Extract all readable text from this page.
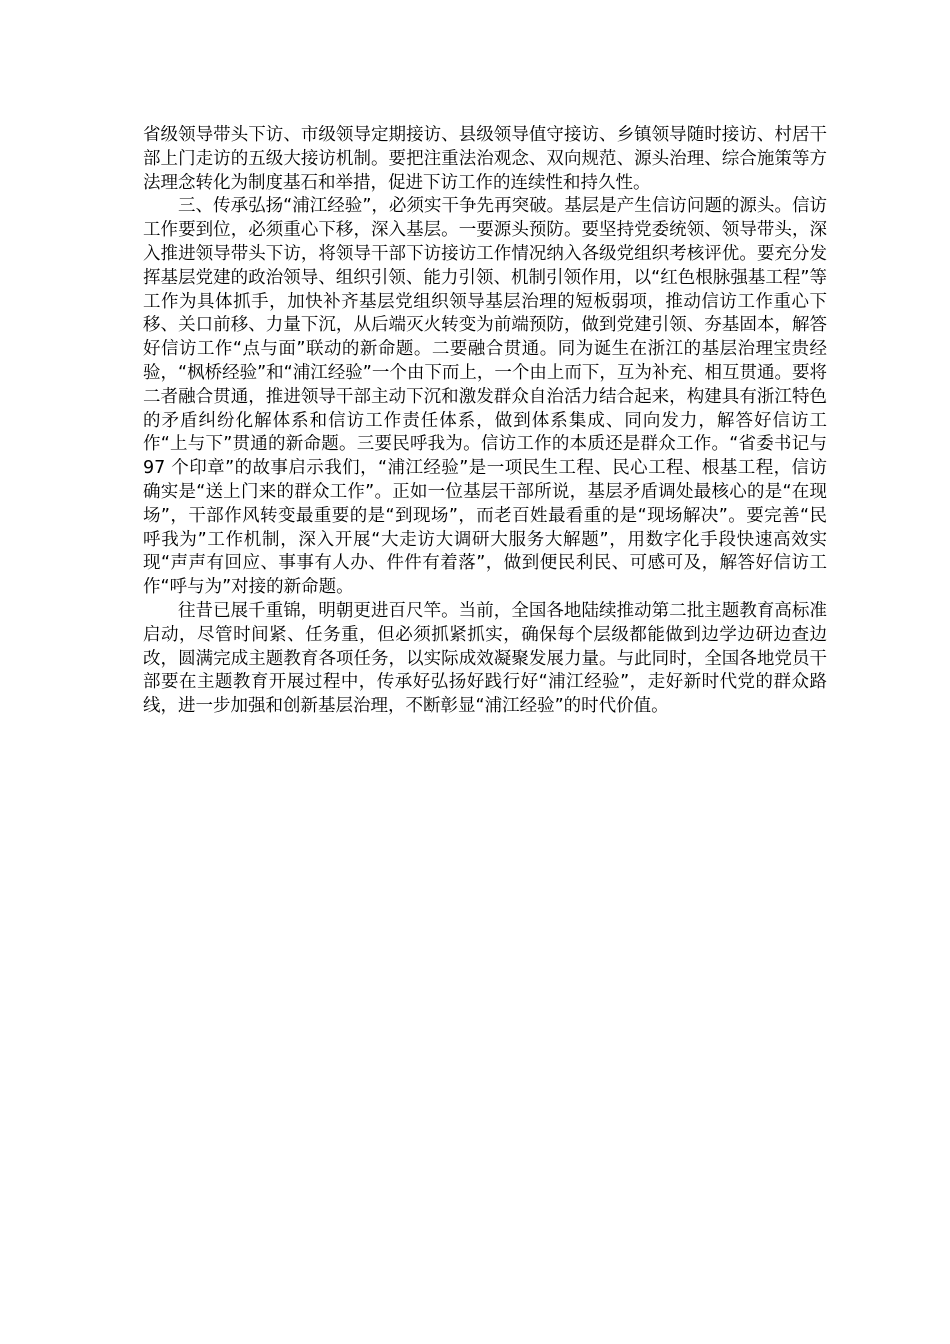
省级领导带头下访、市级领导定期接访、县级领导值守接访、乡镇领导随时接访、村居干部上门走访的五级大接访机制。要把注重法治观念、双向规范、源头治理、综合施策等方法理念转化为制度基石和举措，促进下访工作的连续性和持久性。

三、传承弘扬“浦江经验”，必须实干争先再突破。基层是产生信访问题的源头。信访工作要到位，必须重心下移，深入基层。一要源头预防。要坚持党委统领、领导带头，深入推进领导带头下访，将领导干部下访接访工作情况纳入各级党组织考核评优。要充分发挥基层党建的政治领导、组织引领、能力引领、机制引领作用，以“红色根脉强基工程”等工作为具体抓手，加快补齐基层党组织领导基层治理的短板弱项，推动信访工作重心下移、关口前移、力量下沉，从后端灭火转变为前端预防，做到党建引领、夯基固本，解答好信访工作“点与面”联动的新命题。二要融合贯通。同为诞生在浙江的基层治理宝贵经验，“枫桥经验”和“浦江经验”一个由下而上，一个由上而下，互为补充、相互贯通。要将二者融合贯通，推进领导干部主动下沉和激发群众自治活力结合起来，构建具有浙江特色的矛盾纠纷化解体系和信访工作责任体系，做到体系集成、同向发力，解答好信访工作“上与下”贯通的新命题。三要民呼我为。信访工作的本质还是群众工作。“省委书记与 97 个印章”的故事启示我们，“浦江经验”是一项民生工程、民心工程、根基工程，信访确实是“送上门来的群众工作”。正如一位基层干部所说，基层矛盾调处最核心的是“在现场”，干部作风转变最重要的是“到现场”，而老百姓最看重的是“现场解决”。要完善“民呼我为”工作机制，深入开展“大走访大调研大服务大解题”，用数字化手段快速高效实现“声声有回应、事事有人办、件件有着落”，做到便民利民、可感可及，解答好信访工作“呼与为”对接的新命题。

往昔已展千重锦，明朝更进百尺竿。当前，全国各地陆续推动第二批主题教育高标准启动，尽管时间紧、任务重，但必须抓紧抓实，确保每个层级都能做到边学边研边查边改，圆满完成主题教育各项任务，以实际成效凝聚发展力量。与此同时，全国各地党员干部要在主题教育开展过程中，传承好弘扬好践行好“浦江经验”，走好新时代党的群众路线，进一步加强和创新基层治理，不断彰显“浦江经验”的时代价值。
